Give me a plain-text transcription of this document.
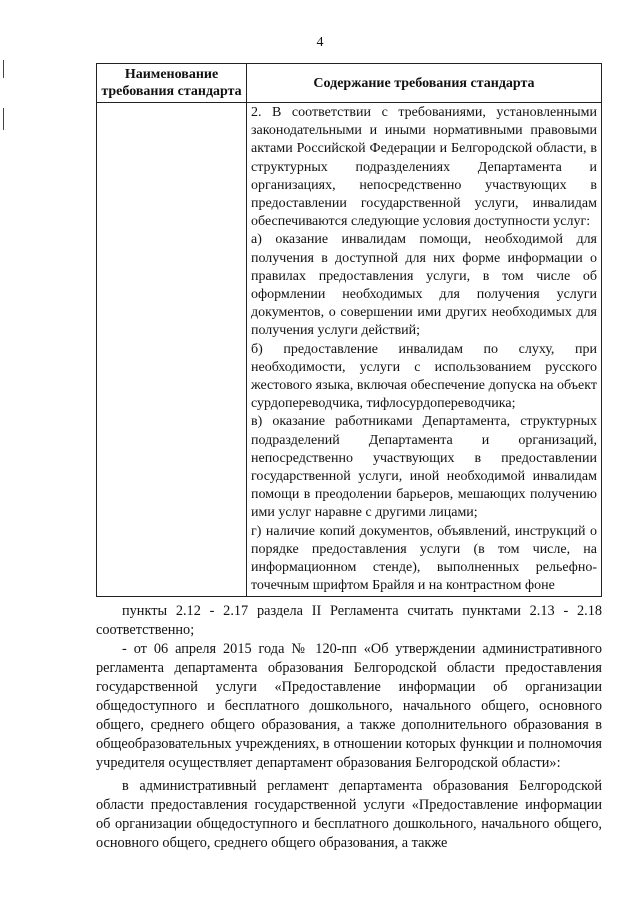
4
Наименование требования стандарта	Содержание требования стандарта

	2. В соответствии с требованиями, установленными законодательными и иными нормативными правовыми актами Российской Федерации и Белгородской области, в структурных подразделениях Департамента и организациях, непосредственно участвующих в предоставлении государственной услуги, инвалидам обеспечиваются следующие условия доступности услуг:

а) оказание инвалидам помощи, необходимой для получения в доступной для них форме информации о правилах предоставления услуги, в том числе об оформлении необходимых для получения услуги документов, о совершении ими других необходимых для получения услуги действий;

б) предоставление инвалидам по слуху, при необходимости, услуги с использованием русского жестового языка, включая обеспечение допуска на объект сурдопереводчика, тифлосурдопереводчика;

в) оказание работниками Департамента, структурных подразделений Департамента и организаций, непосредственно участвующих в предоставлении государственной услуги, иной необходимой инвалидам помощи в преодолении барьеров, мешающих получению ими услуг наравне с другими лицами;

г) наличие копий документов, объявлений, инструкций о порядке предоставления услуги (в том числе, на информационном стенде), выполненных рельефно-точечным шрифтом Брайля и на контрастном фоне

пункты 2.12 - 2.17 раздела II Регламента считать пунктами 2.13 - 2.18 соответственно;

- от 06 апреля 2015 года № 120-пп «Об утверждении административного регламента департамента образования Белгородской области предоставления государственной услуги «Предоставление информации об организации общедоступного и бесплатного дошкольного, начального общего, основного общего, среднего общего образования, а также дополнительного образования в общеобразовательных учреждениях, в отношении которых функции и полномочия учредителя осуществляет департамент образования Белгородской области»:

в административный регламент департамента образования Белгородской области предоставления государственной услуги «Предоставление информации об организации общедоступного и бесплатного дошкольного, начального общего, основного общего, среднего общего образования, а также
